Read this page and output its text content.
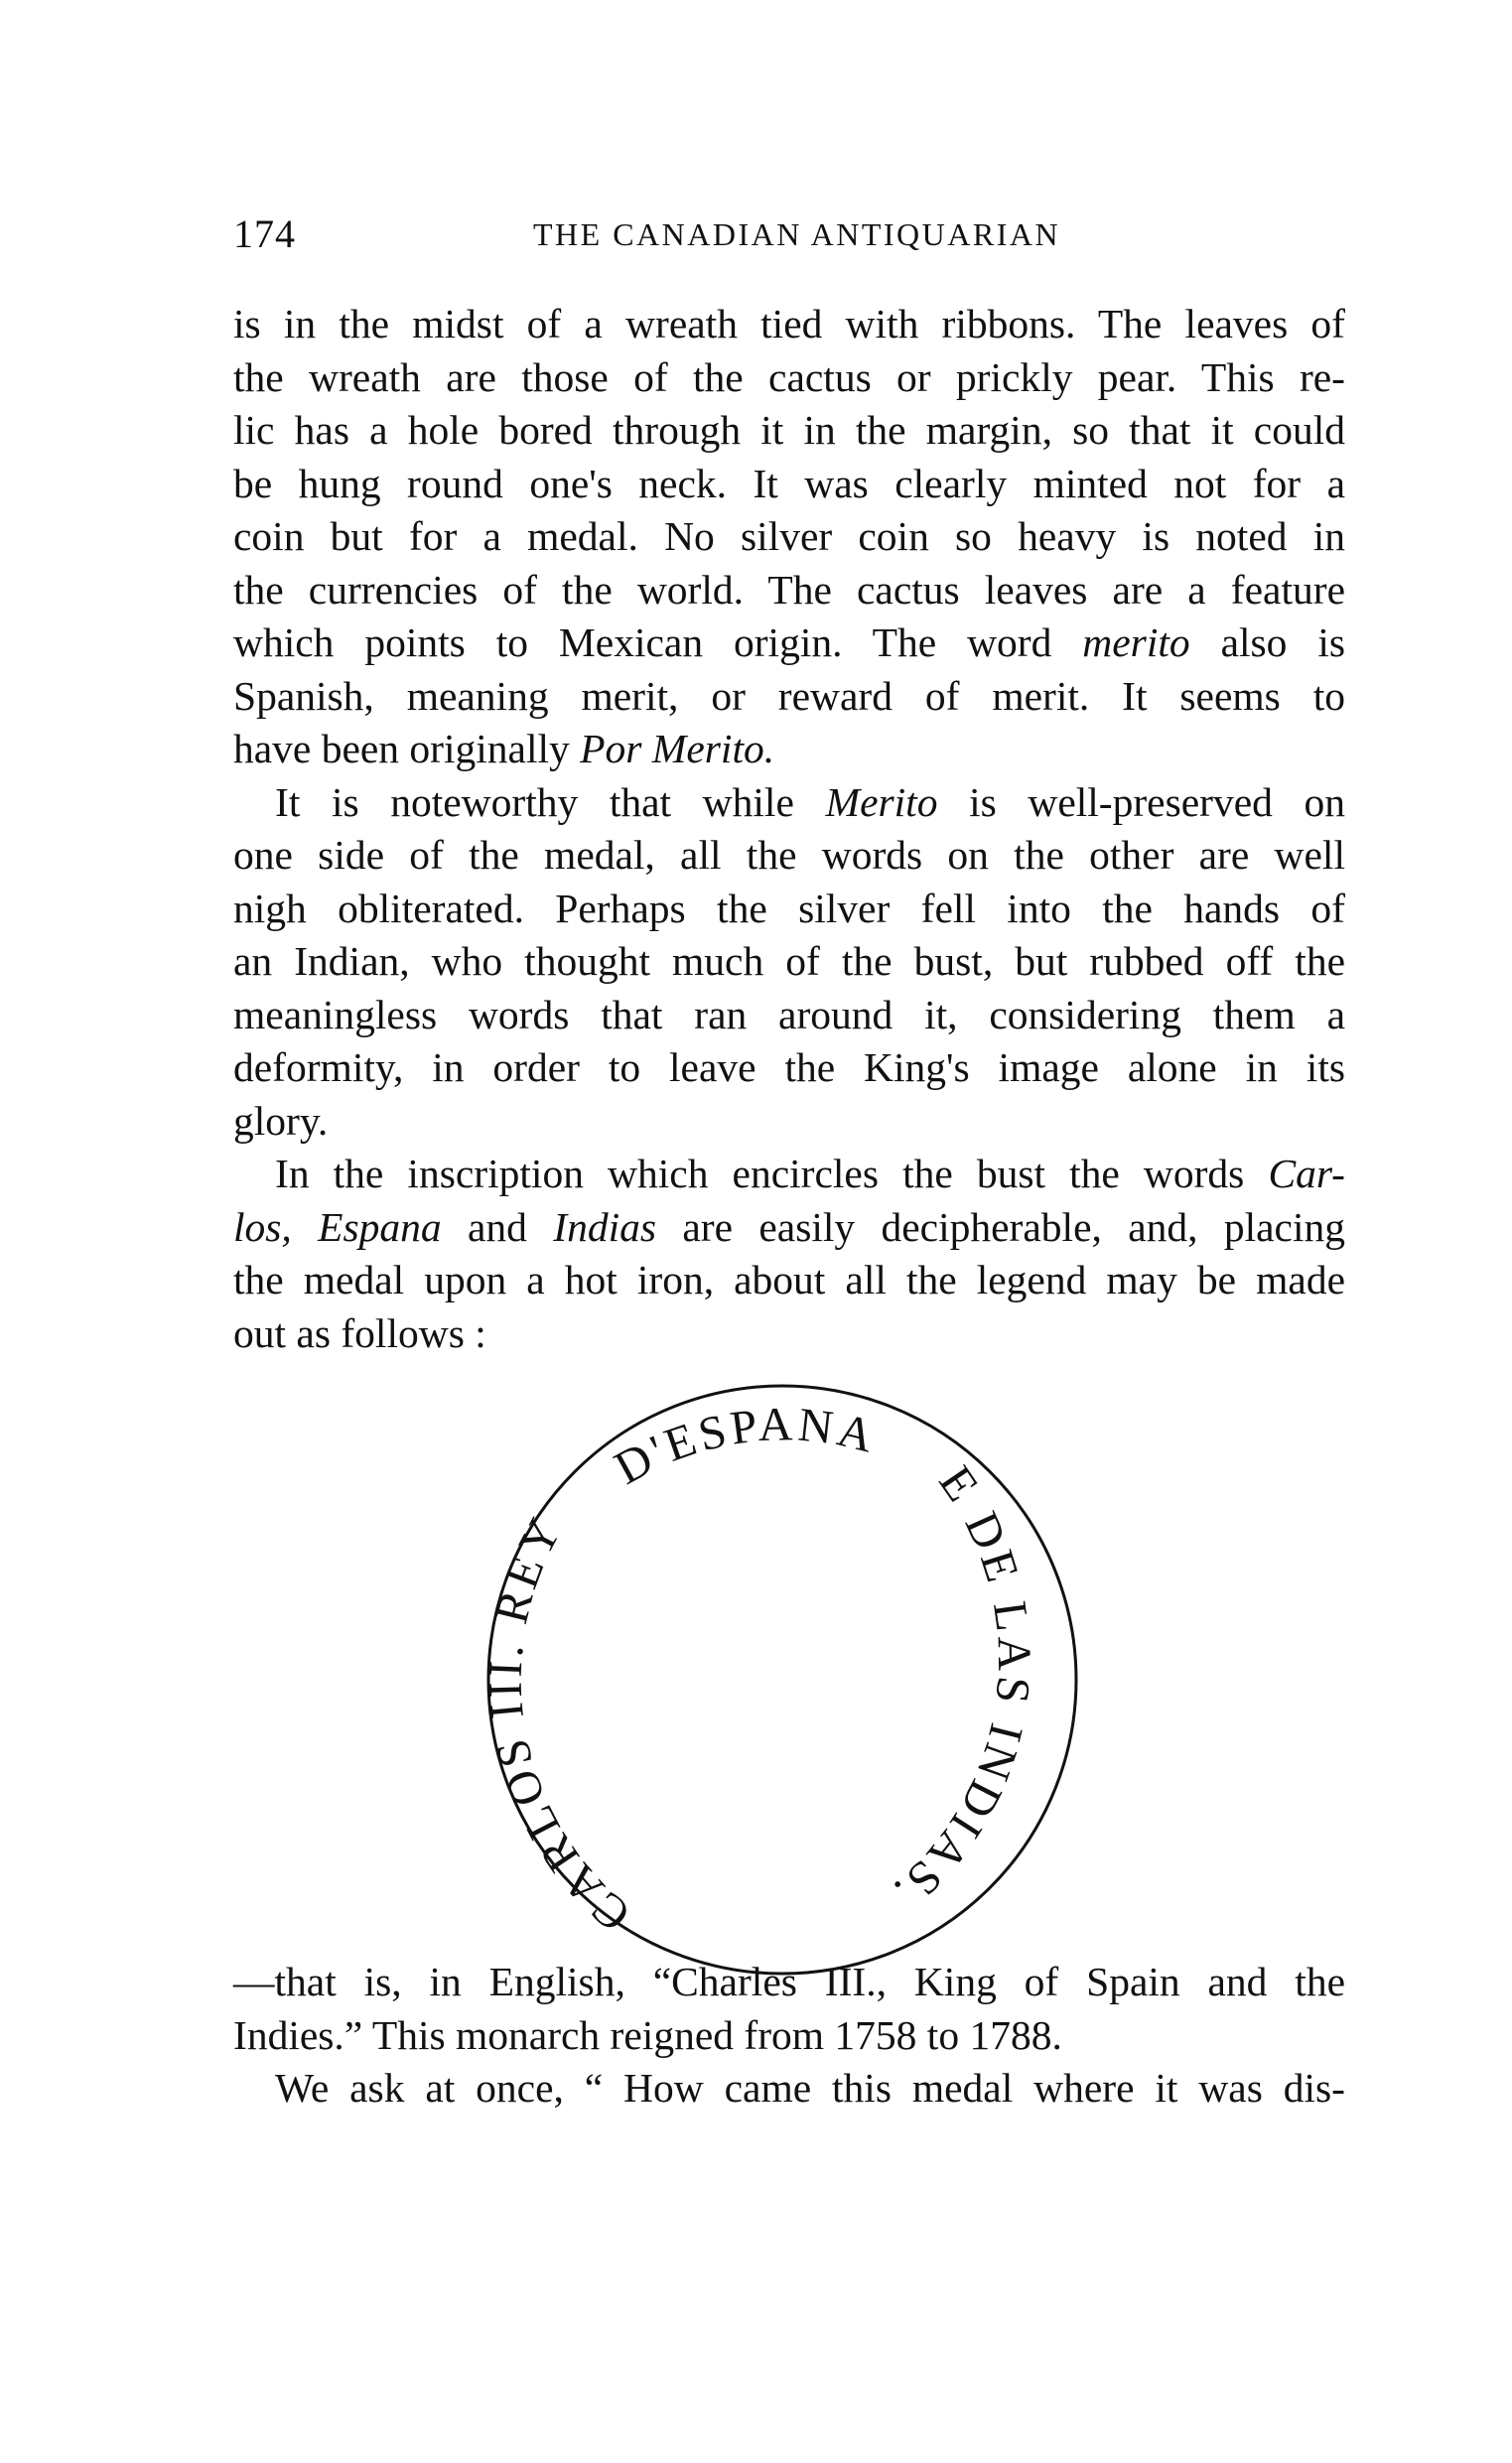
174	THE CANADIAN ANTIQUARIAN
is in the midst of a wreath tied with ribbons. The leaves of
the wreath are those of the cactus or prickly pear. This re-
lic has a hole bored through it in the margin, so that it could
be hung round one's neck. It was clearly minted not for a
coin but for a medal. No silver coin so heavy is noted in
the currencies of the world. The cactus leaves are a feature
which points to Mexican origin. The word merito also is
Spanish, meaning merit, or reward of merit. It seems to
have been originally Por Merito.
It is noteworthy that while Merito is well-preserved on
one side of the medal, all the words on the other are well
nigh obliterated. Perhaps the silver fell into the hands of
an Indian, who thought much of the bust, but rubbed off the
meaningless words that ran around it, considering them a
deformity, in order to leave the King's image alone in its
glory.
In the inscription which encircles the bust the words Car-
los, Espana and Indias are easily decipherable, and, placing
the medal upon a hot iron, about all the legend may be made
out as follows :
CARLOS III. REY
D'ESPANA
E DE LAS INDIAS.
—that is, in English, “Charles III., King of Spain and the
Indies.” This monarch reigned from 1758 to 1788.
We ask at once, “ How came this medal where it was dis-
